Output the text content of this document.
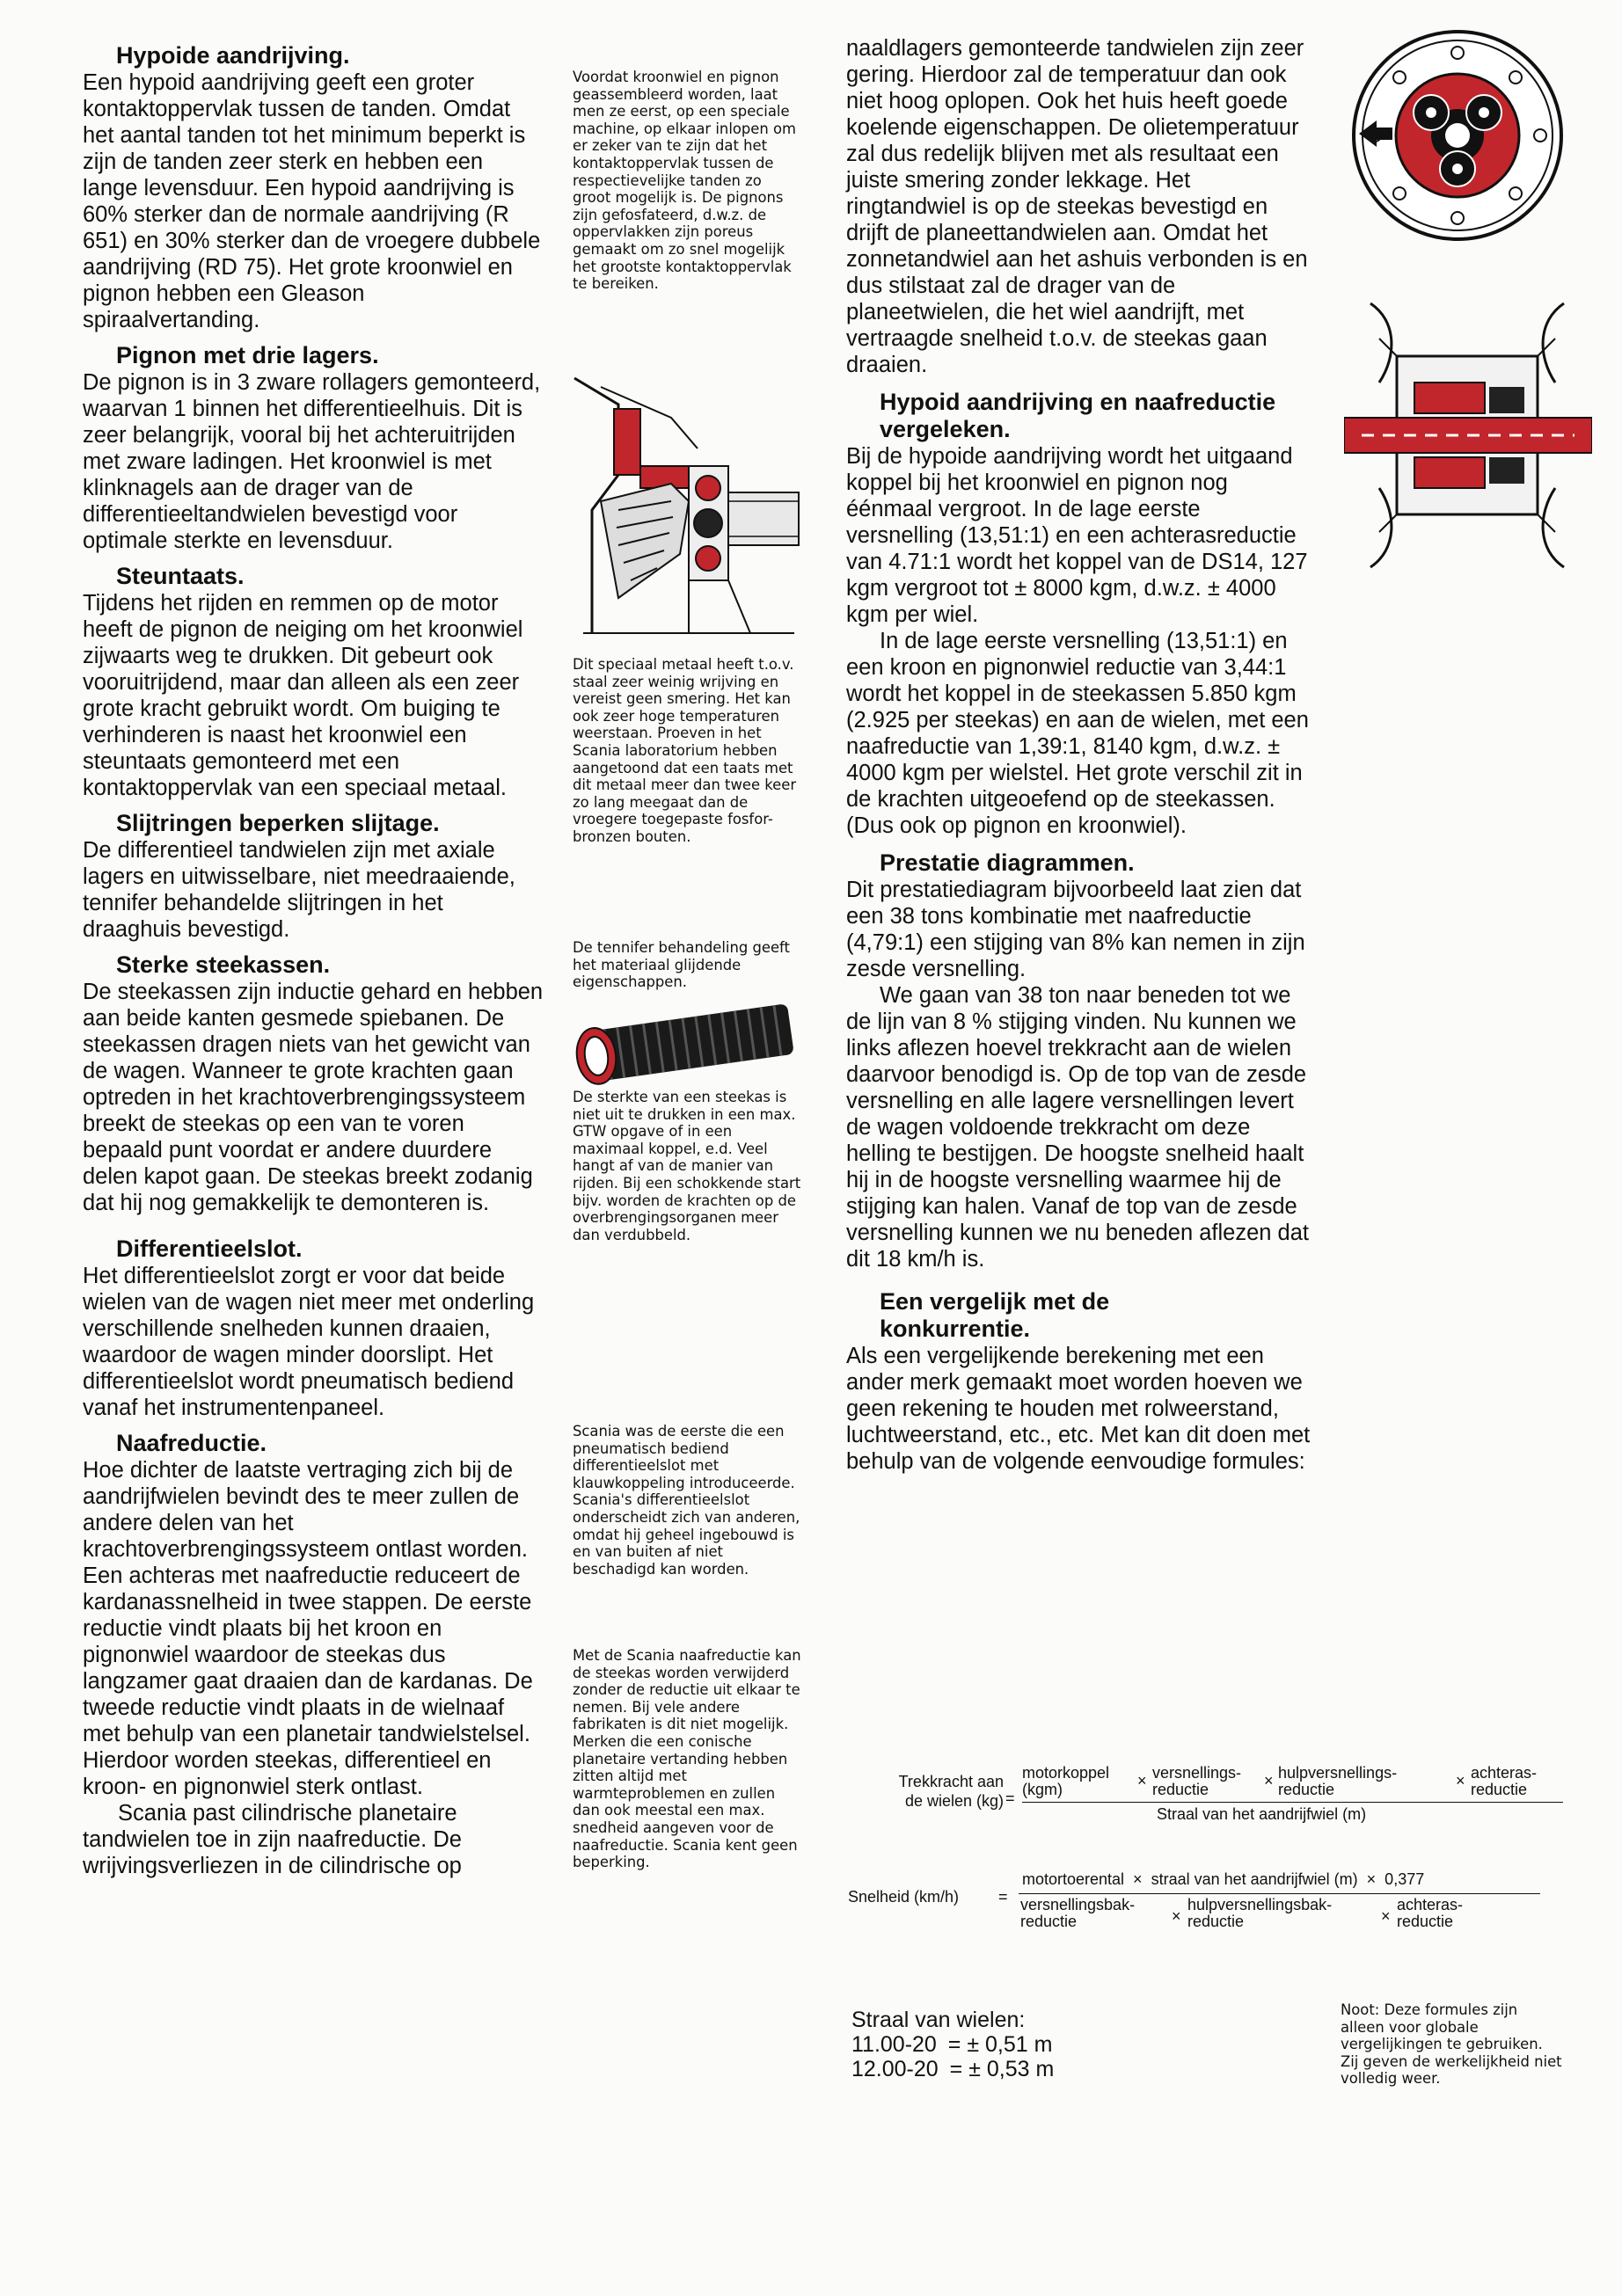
Hypoide aandrijving.

Een hypoid aandrijving geeft een groter kontaktoppervlak tussen de tanden. Omdat het aantal tanden tot het minimum beperkt is zijn de tanden zeer sterk en hebben een lange levensduur. Een hypoid aandrijving is 60% sterker dan de normale aandrijving (R 651) en 30% sterker dan de vroegere dubbele aandrijving (RD 75). Het grote kroonwiel en pignon hebben een Gleason spiraalvertanding.

Pignon met drie lagers.

De pignon is in 3 zware rollagers gemonteerd, waarvan 1 binnen het differentieelhuis. Dit is zeer belangrijk, vooral bij het achteruitrijden met zware ladingen. Het kroonwiel is met klinknagels aan de drager van de differentieeltandwielen bevestigd voor optimale sterkte en levensduur.

Steuntaats.

Tijdens het rijden en remmen op de motor heeft de pignon de neiging om het kroonwiel zijwaarts weg te drukken. Dit gebeurt ook vooruitrijdend, maar dan alleen als een zeer grote kracht gebruikt wordt. Om buiging te verhinderen is naast het kroonwiel een steuntaats gemonteerd met een kontaktoppervlak van een speciaal metaal.

Slijtringen beperken slijtage.

De differentieel tandwielen zijn met axiale lagers en uitwisselbare, niet meedraaiende, tennifer behandelde slijtringen in het draaghuis bevestigd.

Sterke steekassen.

De steekassen zijn inductie gehard en hebben aan beide kanten gesmede spiebanen. De steekassen dragen niets van het gewicht van de wagen. Wanneer te grote krachten gaan optreden in het krachtoverbrengingssysteem breekt de steekas op een van te voren bepaald punt voordat er andere duurdere delen kapot gaan. De steekas breekt zodanig dat hij nog gemakkelijk te demonteren is.

Differentieelslot.

Het differentieelslot zorgt er voor dat beide wielen van de wagen niet meer met onderling verschillende snelheden kunnen draaien, waardoor de wagen minder doorslipt. Het differentieelslot wordt pneumatisch bediend vanaf het instrumentenpaneel.

Naafreductie.

Hoe dichter de laatste vertraging zich bij de aandrijfwielen bevindt des te meer zullen de andere delen van het krachtoverbrengingssysteem ontlast worden. Een achteras met naafreductie reduceert de kardanassnelheid in twee stappen. De eerste reductie vindt plaats bij het kroon en pignonwiel waardoor de steekas dus langzamer gaat draaien dan de kardanas. De tweede reductie vindt plaats in de wielnaaf met behulp van een planetair tandwielstelsel. Hierdoor worden steekas, differentieel en kroon- en pignonwiel sterk ontlast.

Scania past cilindrische planetaire tandwielen toe in zijn naafreductie. De wrijvingsverliezen in de cilindrische op

Voordat kroonwiel en pignon geassembleerd worden, laat men ze eerst, op een speciale machine, op elkaar inlopen om er zeker van te zijn dat het kontaktoppervlak tussen de respectievelijke tanden zo groot mogelijk is. De pignons zijn gefosfateerd, d.w.z. de oppervlakken zijn poreus gemaakt om zo snel mogelijk het grootste kontaktoppervlak te bereiken.

Dit speciaal metaal heeft t.o.v. staal zeer weinig wrijving en vereist geen smering. Het kan ook zeer hoge temperaturen weerstaan. Proeven in het Scania laboratorium hebben aangetoond dat een taats met dit metaal meer dan twee keer zo lang meegaat dan de vroegere toegepaste fosfor-bronzen bouten.

De tennifer behandeling geeft het materiaal glijdende eigenschappen.

De sterkte van een steekas is niet uit te drukken in een max. GTW opgave of in een maximaal koppel, e.d. Veel hangt af van de manier van rijden. Bij een schokkende start bijv. worden de krachten op de overbrengingsorganen meer dan verdubbeld.

Scania was de eerste die een pneumatisch bediend differentieelslot met klauwkoppeling introduceerde. Scania's differentieelslot onderscheidt zich van anderen, omdat hij geheel ingebouwd is en van buiten af niet beschadigd kan worden.

Met de Scania naafreductie kan de steekas worden verwijderd zonder de reductie uit elkaar te nemen. Bij vele andere fabrikaten is dit niet mogelijk. Merken die een conische planetaire vertanding hebben zitten altijd met warmteproblemen en zullen dan ook meestal een max. snedheid aangeven voor de naafreductie. Scania kent geen beperking.

naaldlagers gemonteerde tandwielen zijn zeer gering. Hierdoor zal de temperatuur dan ook niet hoog oplopen. Ook het huis heeft goede koelende eigenschappen. De olietemperatuur zal dus redelijk blijven met als resultaat een juiste smering zonder lekkage. Het ringtandwiel is op de steekas bevestigd en drijft de planeettandwielen aan. Omdat het zonnetandwiel aan het ashuis verbonden is en dus stilstaat zal de drager van de planeetwielen, die het wiel aandrijft, met vertraagde snelheid t.o.v. de steekas gaan draaien.

Hypoid aandrijving en naafreductie vergeleken.

Bij de hypoide aandrijving wordt het uitgaand koppel bij het kroonwiel en pignon nog éénmaal vergroot. In de lage eerste versnelling (13,51:1) en een achterasreductie van 4.71:1 wordt het koppel van de DS14, 127 kgm vergroot tot ± 8000 kgm, d.w.z. ± 4000 kgm per wiel.

In de lage eerste versnelling (13,51:1) en een kroon en pignonwiel reductie van 3,44:1 wordt het koppel in de steekassen 5.850 kgm (2.925 per steekas) en aan de wielen, met een naafreductie van 1,39:1, 8140 kgm, d.w.z. ± 4000 kgm per wielstel. Het grote verschil zit in de krachten uitgeoefend op de steekassen. (Dus ook op pignon en kroonwiel).

Prestatie diagrammen.

Dit prestatiediagram bijvoorbeeld laat zien dat een 38 tons kombinatie met naafreductie (4,79:1) een stijging van 8% kan nemen in zijn zesde versnelling.

We gaan van 38 ton naar beneden tot we de lijn van 8 % stijging vinden. Nu kunnen we links aflezen hoevel trekkracht aan de wielen daarvoor benodigd is. Op de top van de zesde versnelling en alle lagere versnellingen levert de wagen voldoende trekkracht om deze helling te bestijgen. De hoogste snelheid haalt hij in de hoogste versnelling waarmee hij de stijging kan halen. Vanaf de top van de zesde versnelling kunnen we nu beneden aflezen dat dit 18 km/h is.

Een vergelijk met de konkurrentie.

Als een vergelijkende berekening met een ander merk gemaakt moet worden hoeven we geen rekening te houden met rolweerstand, luchtweerstand, etc., etc. Met kan dit doen met behulp van de volgende eenvoudige formules:

Trekkracht aan
de wielen (kg) =
motorkoppel
(kgm)	× versnellings-
reductie	× hulpversnellings-
reductie	× achteras-
reductie
Straal van het aandrijfwiel (m)
Snelheid (km/h) =
motortoerental  ×  straal van het aandrijfwiel (m)  ×  0,377
versnellingsbak-
reductie	×
hulpversnellingsbak-
reductie	×
achteras-
reductie
Straal van wielen:
11.00-20 = ± 0,51 m
12.00-20 = ± 0,53 m

Noot: Deze formules zijn alleen voor globale vergelijkingen te gebruiken. Zij geven de werkelijkheid niet volledig weer.
